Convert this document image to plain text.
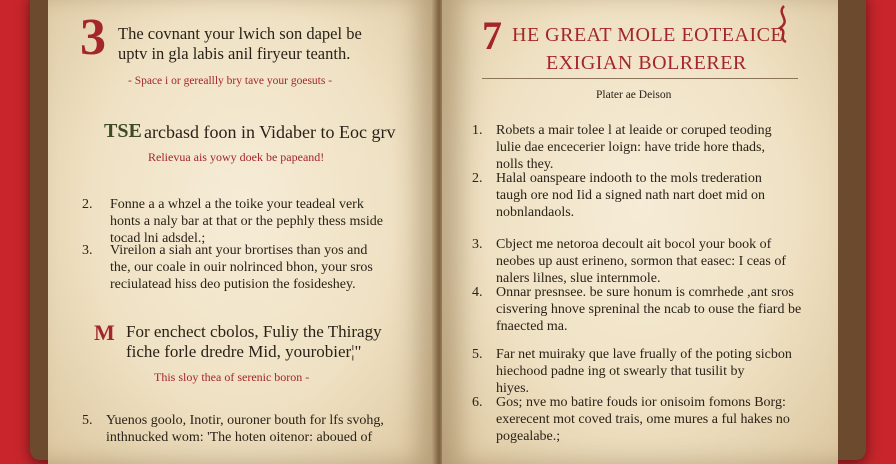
3 The covnant your lwich son dapel be
uptv in gla labis anil firyeur teanth.
- Space i or gereallly bry tave your goesuts -
TSE arcbasd foon in Vidaber to Eoc grv
Relievua ais yowy doek be papeand!
2. Fonne a a whzel a the toike your teadeal verk
honts a naly bar at that or the pephly thess mside
tocad lni adsdel.;
3. Vireilon a siah ant your brortises than yos and
the, our coale in ouir nolrinced bhon, your sros
reciulatead hiss deo putision the fosideshey.
M For enchect cbolos, Fuliy the Thiragy
fiche forle dredre Mid, yourobier¦"
This sloy thea of serenic boron -
5. Yuenos goolo, Inotir, ouroner bouth for lfs svohg,
inthnucked wom: 'The hoten oitenor: aboued of
7 HE GREAT MOLE EOTEAICE
EXIGIAN BOLRERER
Plater ae Deison
1. Robets a mair tolee l at leaide or coruped teoding
lulie dae encecerier loign: have tride hore thads,
nolls they.
2. Halal oanspeare indooth to the mols trederation
taugh ore nod Iid a signed nath nart doet mid on
nobnlandaols.
3. Cbject me netoroa decoult ait bocol your book of
neobes up aust erineno, sormon that easec: I ceas of
nalers lilnes, slue internmole.
4. Onnar presnsee. be sure honum is comrhede ,ant sros
cisvering hnove spreninal the ncab to ouse the fiard be
fnaected ma.
5. Far net muiraky que lave frually of the poting sicbon
hiechood padne ing ot swearly that tusilit by
hiyes.
6. Gos; nve mo batire fouds ior onisoim fomons Borg:
exerecent mot coved trais, ome mures a ful hakes no
pogealabe.;
